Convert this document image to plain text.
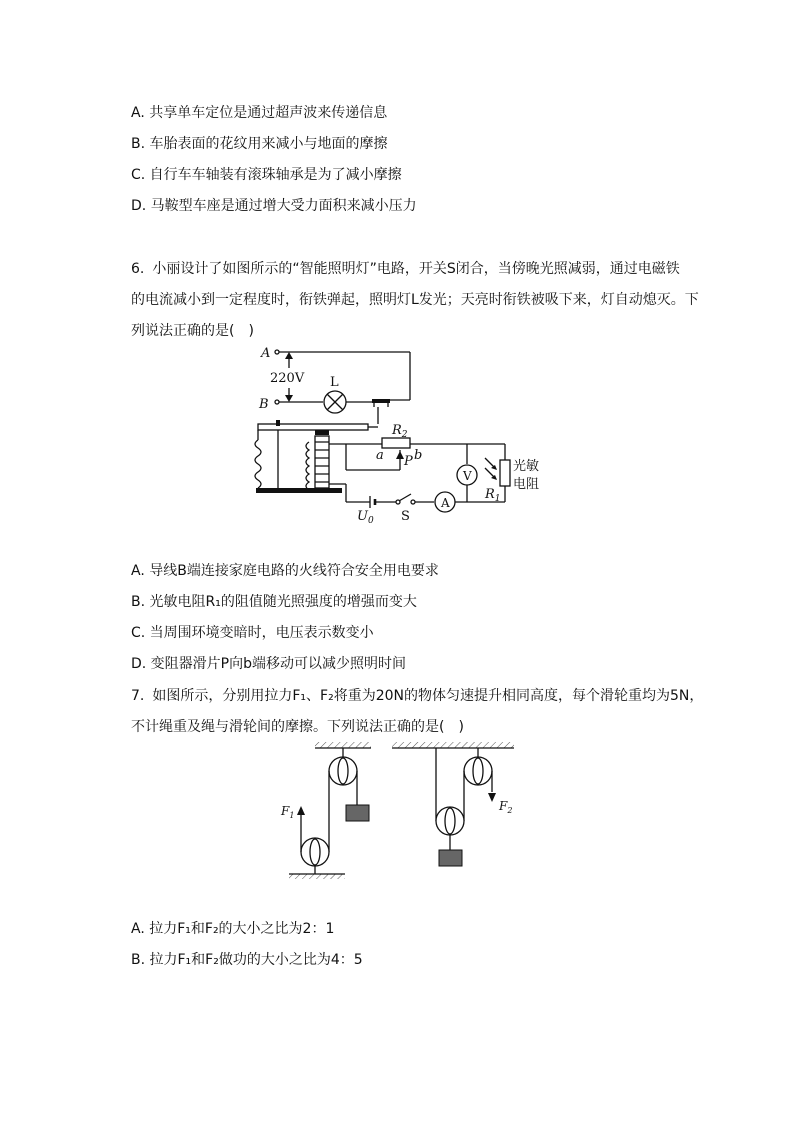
A. 共享单车定位是通过超声波来传递信息
B. 车胎表面的花纹用来减小与地面的摩擦
C. 自行车车轴装有滚珠轴承是为了减小摩擦
D. 马鞍型车座是通过增大受力面积来减小压力
6. 小丽设计了如图所示的“智能照明灯”电路，开关S闭合，当傍晚光照减弱，通过电磁铁
的电流减小到一定程度时，衔铁弹起，照明灯L发光；天亮时衔铁被吸下来，灯自动熄灭。下
列说法正确的是(　)
A
B
220V L
$R_2$
a P b
V
$R_1$
光敏
电阻
$U_0$ S
A
A. 导线B端连接家庭电路的火线符合安全用电要求
B. 光敏电阻R₁的阻值随光照强度的增强而变大
C. 当周围环境变暗时，电压表示数变小
D. 变阻器滑片P向b端移动可以减少照明时间
7. 如图所示，分别用拉力F₁、F₂将重为20N的物体匀速提升相同高度，每个滑轮重均为5N，
不计绳重及绳与滑轮间的摩擦。下列说法正确的是(　)
$F_1$
$F_2$
A. 拉力F₁和F₂的大小之比为2：1
B. 拉力F₁和F₂做功的大小之比为4：5
